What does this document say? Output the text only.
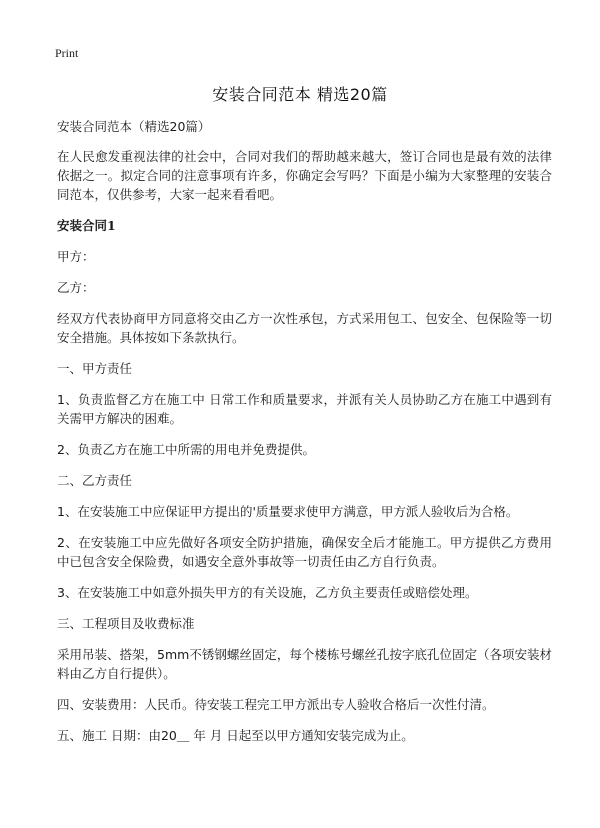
Print
安装合同范本 精选20篇

安装合同范本（精选20篇）

在人民愈发重视法律的社会中，合同对我们的帮助越来越大，签订合同也是最有效的法律依据之一。拟定合同的注意事项有许多，你确定会写吗？下面是小编为大家整理的安装合同范本，仅供参考，大家一起来看看吧。

安装合同1

甲方：

乙方：

经双方代表协商甲方同意将交由乙方一次性承包，方式采用包工、包安全、包保险等一切安全措施。具体按如下条款执行。

一、甲方责任

1、负责监督乙方在施工中 日常工作和质量要求，并派有关人员协助乙方在施工中遇到有关需甲方解决的困难。

2、负责乙方在施工中所需的用电并免费提供。

二、乙方责任

1、在安装施工中应保证甲方提出的'质量要求使甲方满意，甲方派人验收后为合格。

2、在安装施工中应先做好各项安全防护措施，确保安全后才能施工。甲方提供乙方费用中已包含安全保险费，如遇安全意外事故等一切责任由乙方自行负责。

3、在安装施工中如意外损失甲方的有关设施，乙方负主要责任或赔偿处理。

三、工程项目及收费标准

采用吊装、搭架，5mm不锈钢螺丝固定，每个楼栋号螺丝孔按字底孔位固定（各项安装材料由乙方自行提供）。

四、安装费用：人民币。待安装工程完工甲方派出专人验收合格后一次性付清。

五、施工 日期：由20＿ 年 月 日起至以甲方通知安装完成为止。
